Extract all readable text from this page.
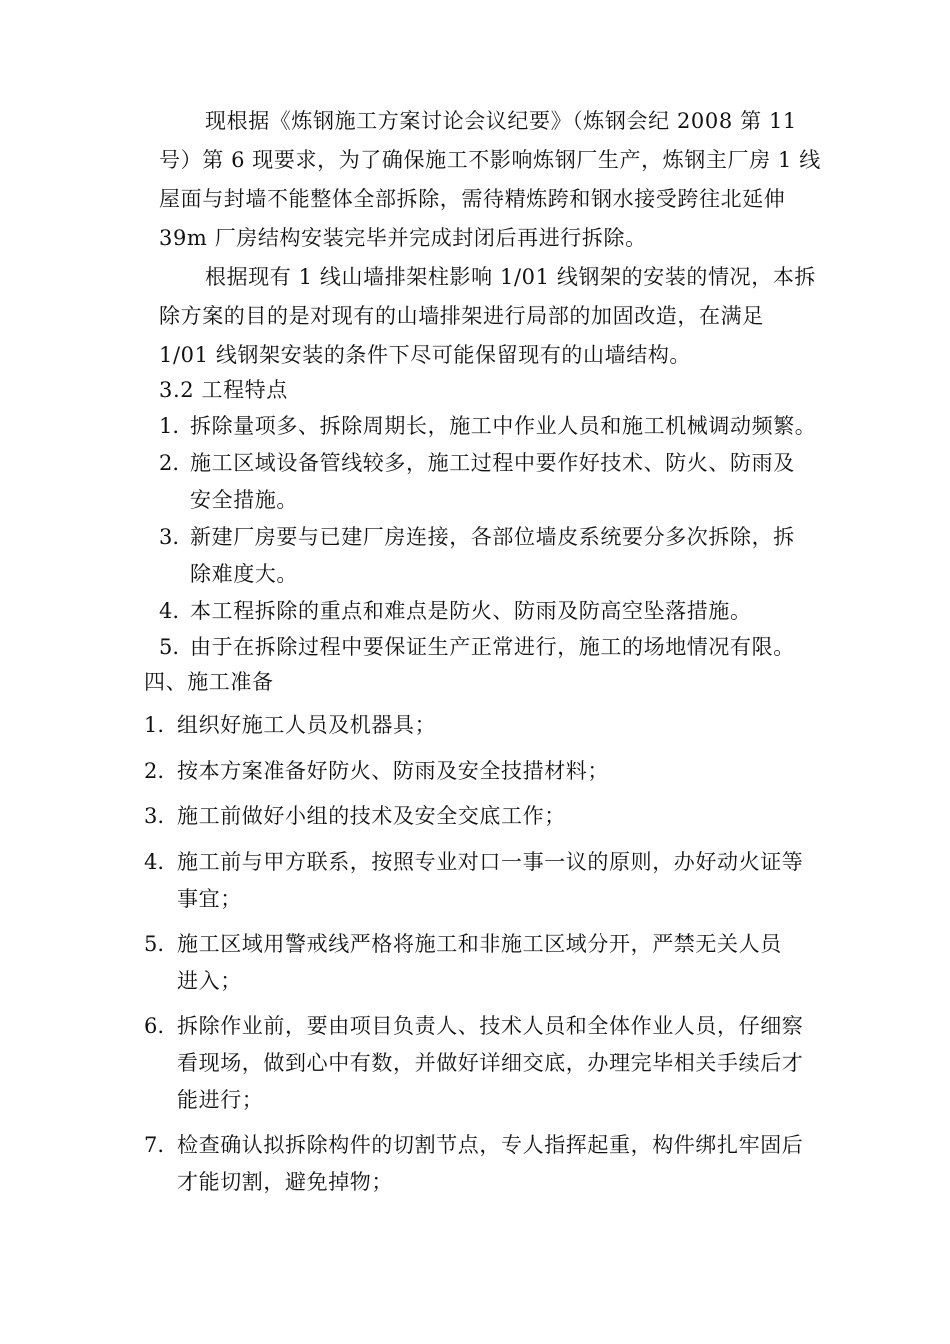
现根据《炼钢施工方案讨论会议纪要》（炼钢会纪 2008 第 11
号）第 6 现要求，为了确保施工不影响炼钢厂生产，炼钢主厂房 1 线
屋面与封墙不能整体全部拆除，需待精炼跨和钢水接受跨往北延伸
39m 厂房结构安装完毕并完成封闭后再进行拆除。
根据现有 1 线山墙排架柱影响 1/01 线钢架的安装的情况，本拆
除方案的目的是对现有的山墙排架进行局部的加固改造，在满足
1/01 线钢架安装的条件下尽可能保留现有的山墙结构。
3.2 工程特点
1. 拆除量项多、拆除周期长，施工中作业人员和施工机械调动频繁。
2. 施工区域设备管线较多，施工过程中要作好技术、防火、防雨及
安全措施。
3. 新建厂房要与已建厂房连接，各部位墙皮系统要分多次拆除，拆
除难度大。
4. 本工程拆除的重点和难点是防火、防雨及防高空坠落措施。
5. 由于在拆除过程中要保证生产正常进行，施工的场地情况有限。
四、施工准备
1. 组织好施工人员及机器具；
2. 按本方案准备好防火、防雨及安全技措材料；
3. 施工前做好小组的技术及安全交底工作；
4. 施工前与甲方联系，按照专业对口一事一议的原则，办好动火证等
事宜；
5. 施工区域用警戒线严格将施工和非施工区域分开，严禁无关人员
进入；
6. 拆除作业前，要由项目负责人、技术人员和全体作业人员，仔细察
看现场，做到心中有数，并做好详细交底，办理完毕相关手续后才
能进行；
7. 检查确认拟拆除构件的切割节点，专人指挥起重，构件绑扎牢固后
才能切割，避免掉物；
